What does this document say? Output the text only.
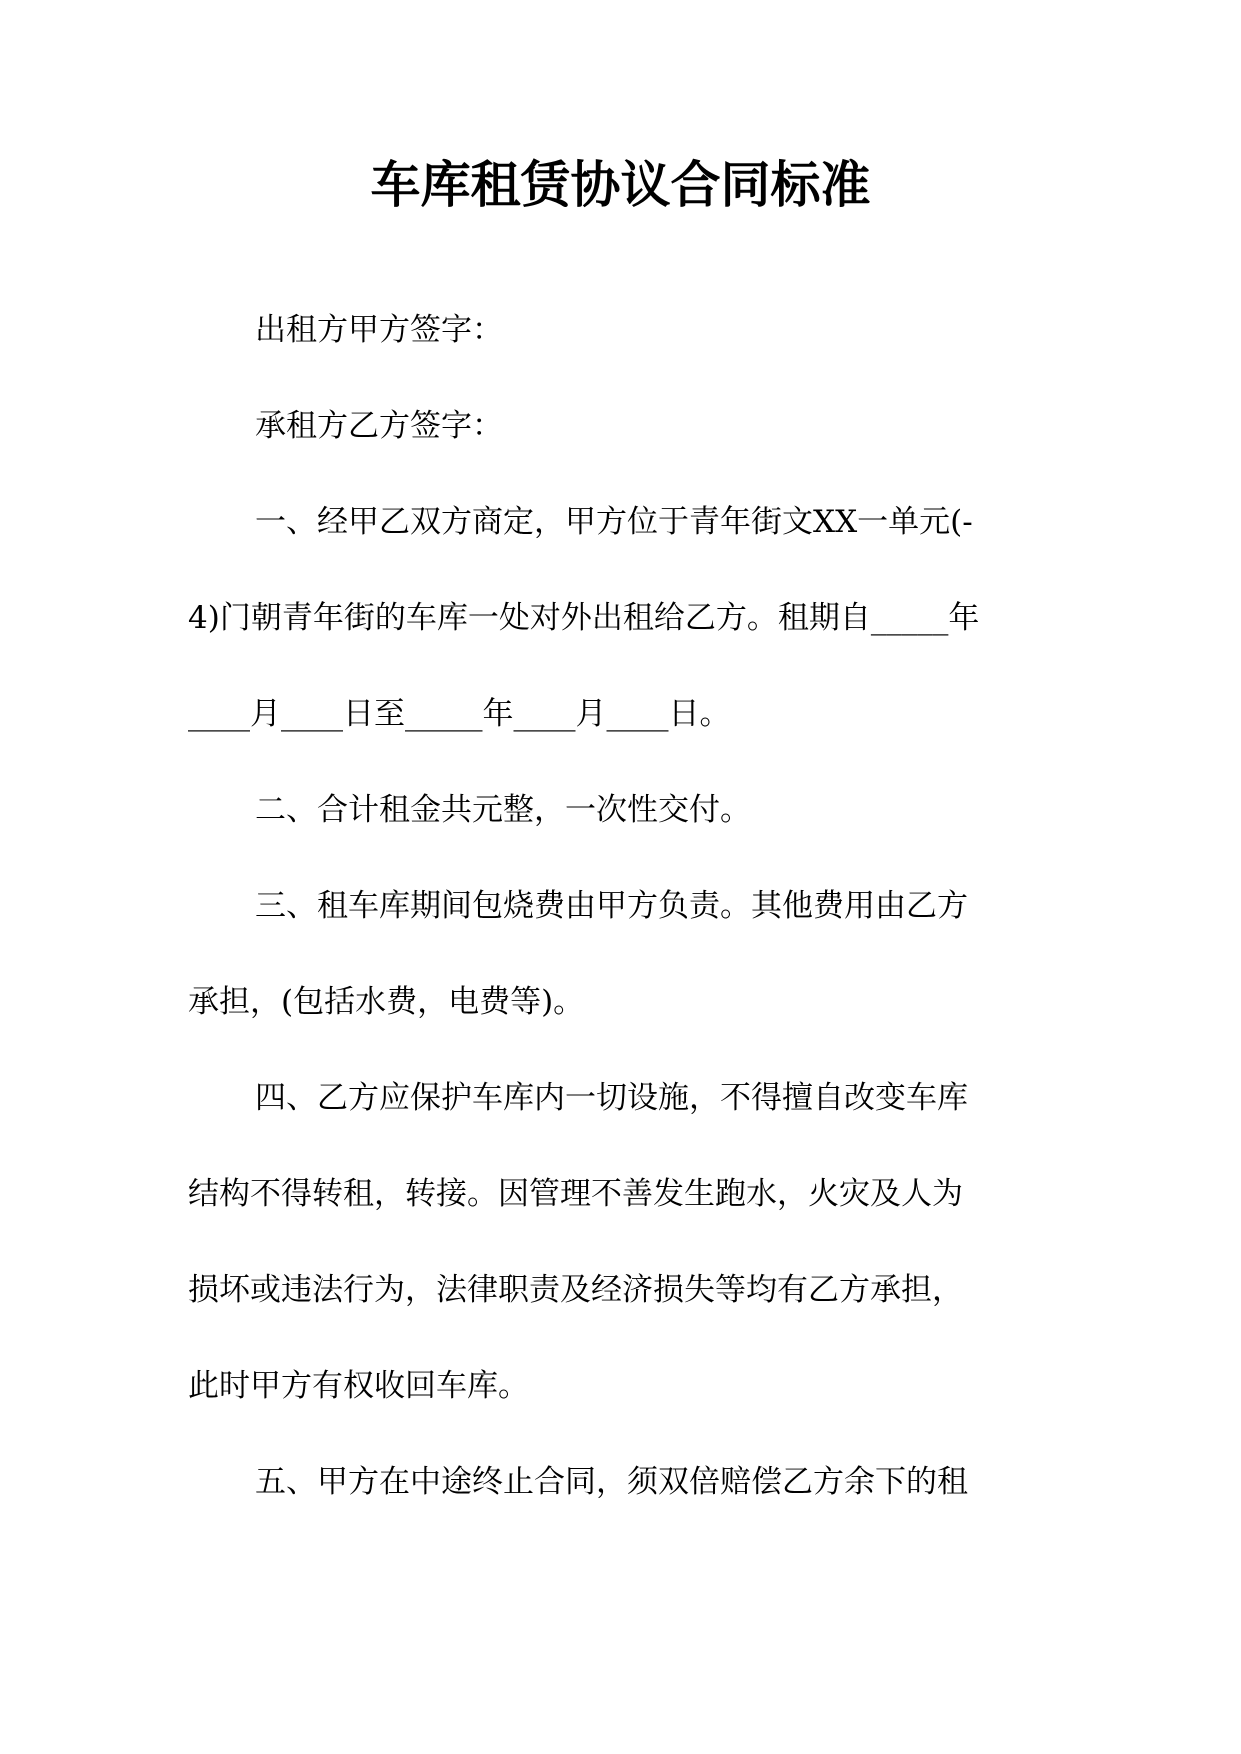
车库租赁协议合同标准

出租方甲方签字：

承租方乙方签字：

一、经甲乙双方商定，甲方位于青年街文XX一单元(-

4)门朝青年街的车库一处对外出租给乙方。租期自_____年

____月____日至_____年____月____日。

二、合计租金共元整，一次性交付。

三、租车库期间包烧费由甲方负责。其他费用由乙方

承担，(包括水费，电费等)。

四、乙方应保护车库内一切设施，不得擅自改变车库

结构不得转租，转接。因管理不善发生跑水，火灾及人为

损坏或违法行为，法律职责及经济损失等均有乙方承担，

此时甲方有权收回车库。

五、甲方在中途终止合同，须双倍赔偿乙方余下的租
